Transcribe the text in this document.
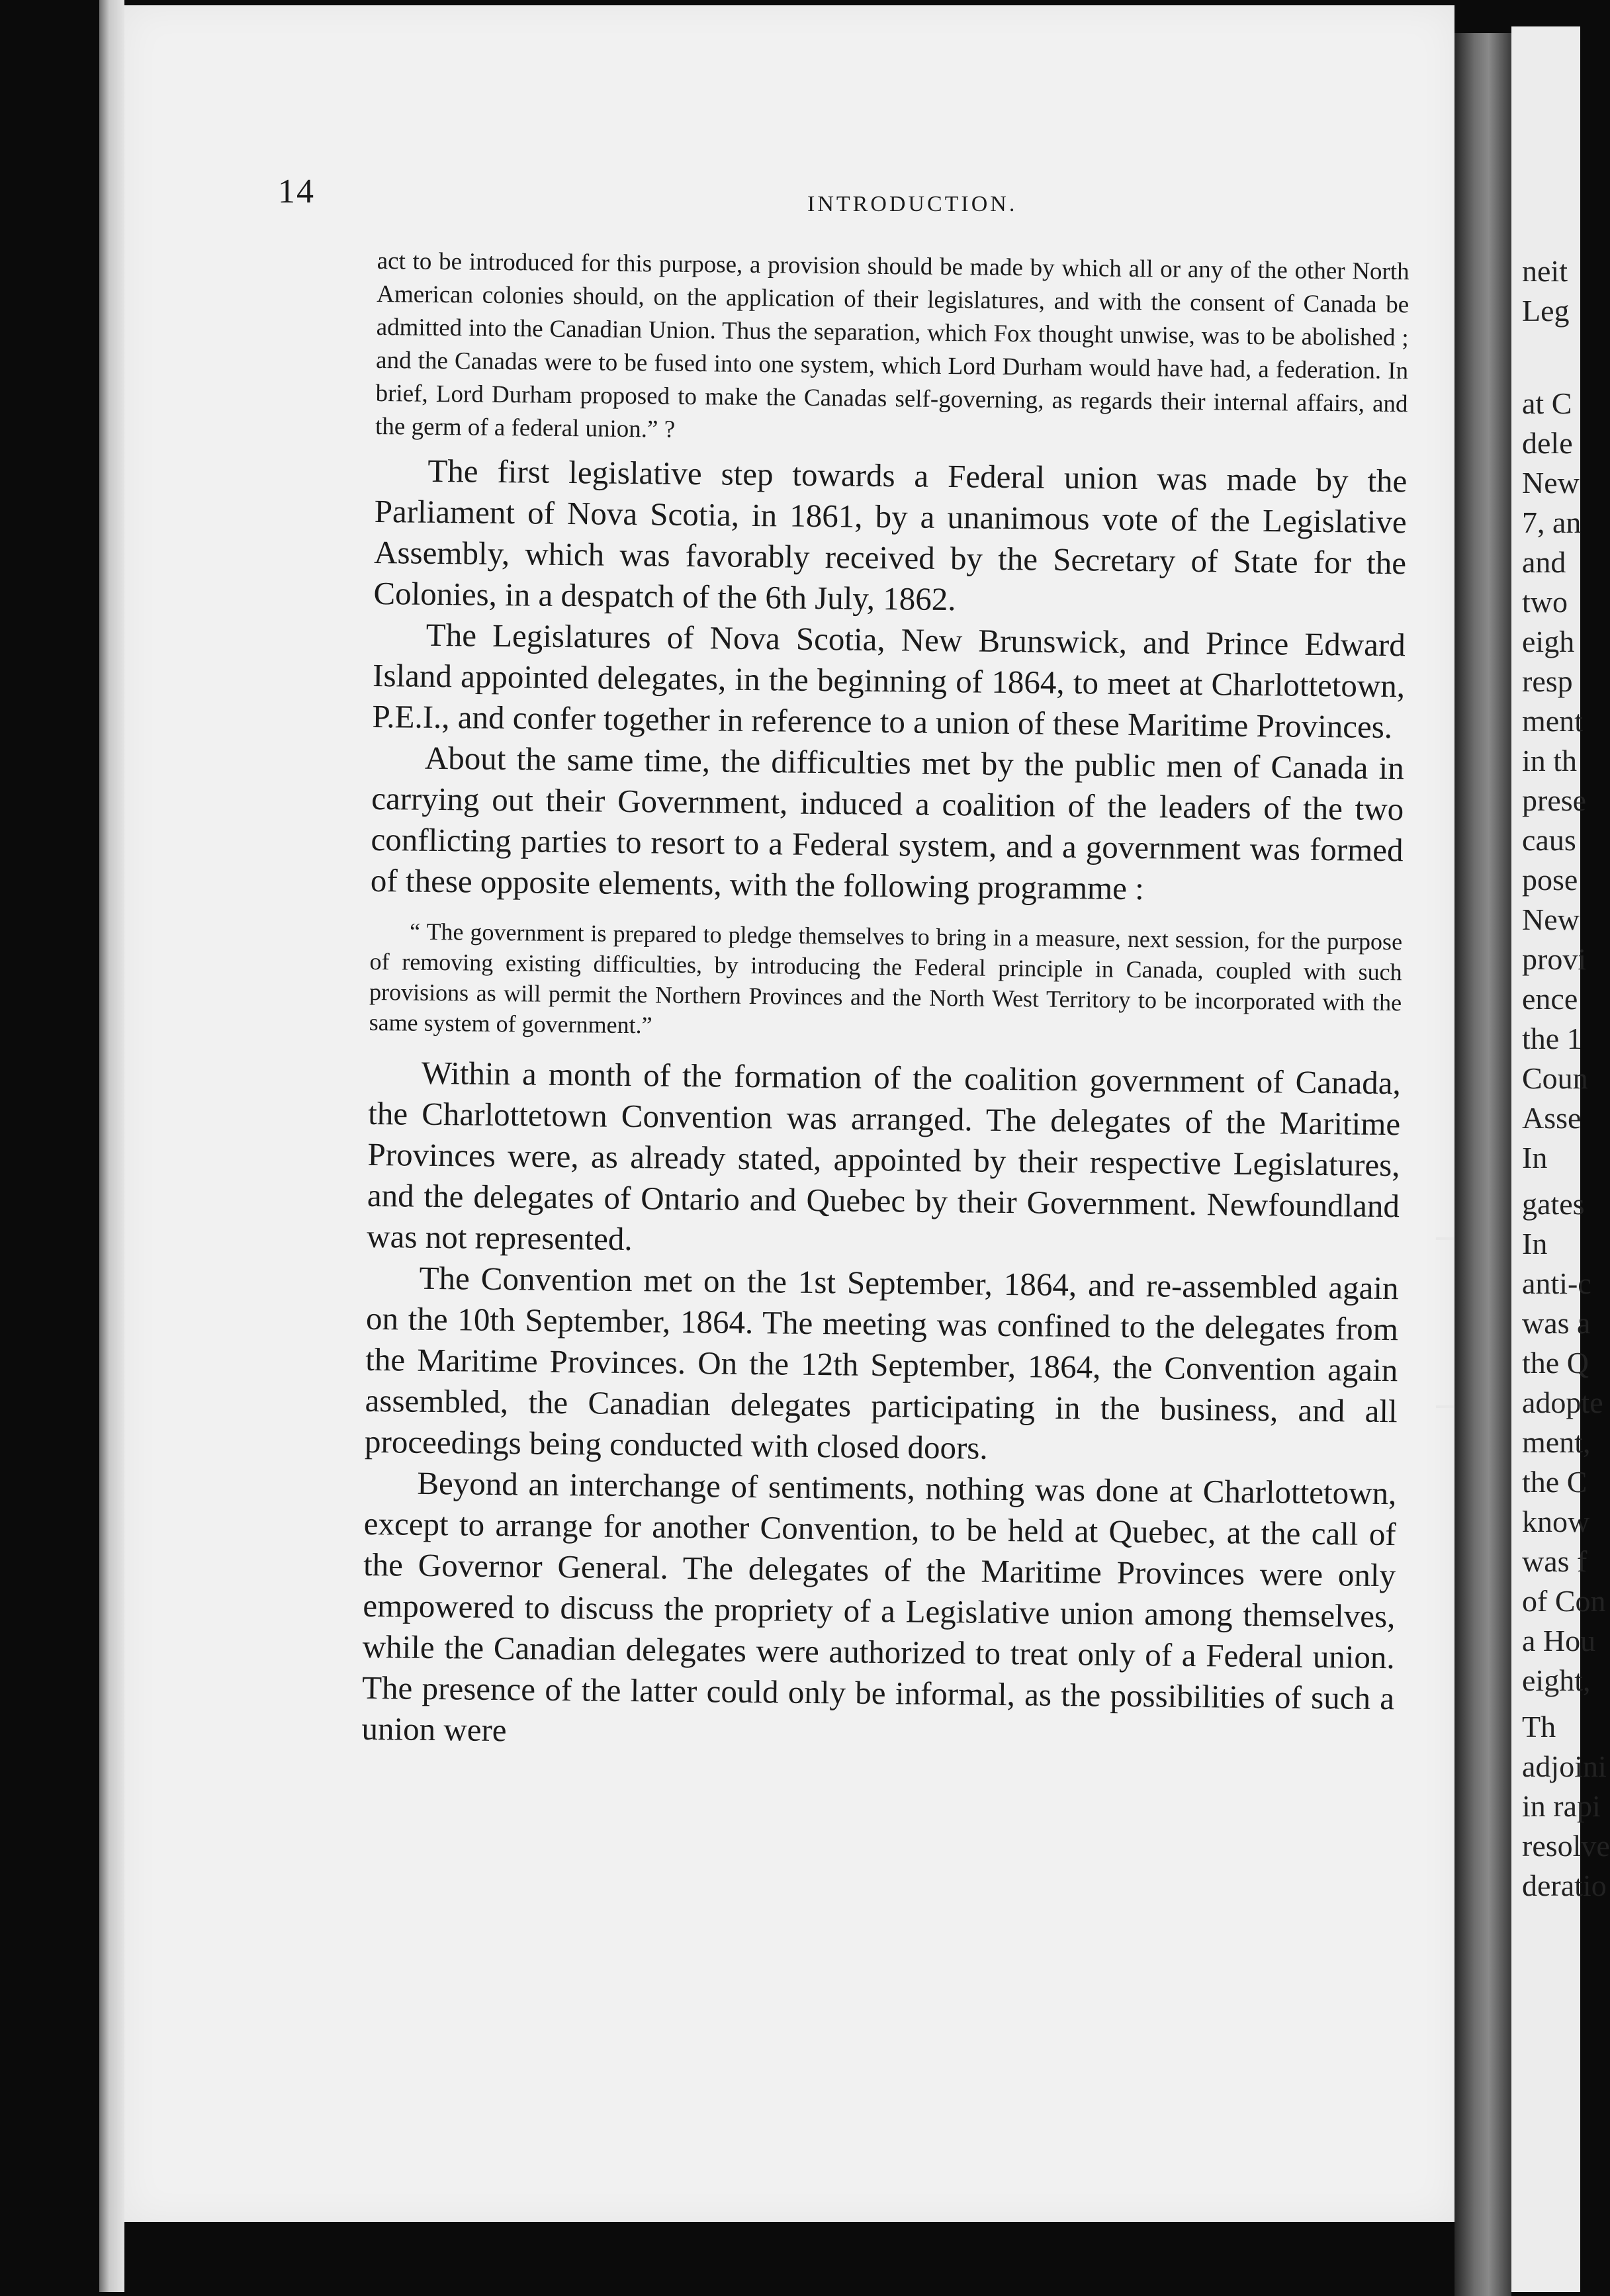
14	INTRODUCTION.

act to be introduced for this purpose, a provision should be made by which all or any of the other North American colonies should, on the application of their legislatures, and with the consent of Canada be admitted into the Canadian Union. Thus the separation, which Fox thought unwise, was to be abolished ; and the Canadas were to be fused into one system, which Lord Durham would have had, a federation. In brief, Lord Durham proposed to make the Canadas self-governing, as regards their internal affairs, and the germ of a federal union.” ?

The first legislative step towards a Federal union was made by the Parliament of Nova Scotia, in 1861, by a unanimous vote of the Legislative Assembly, which was favorably received by the Secretary of State for the Colonies, in a despatch of the 6th July, 1862.

The Legislatures of Nova Scotia, New Brunswick, and Prince Edward Island appointed delegates, in the beginning of 1864, to meet at Charlottetown, P.E.I., and confer together in reference to a union of these Maritime Provinces.

About the same time, the difficulties met by the public men of Canada in carrying out their Government, induced a coalition of the leaders of the two conflicting parties to resort to a Federal system, and a government was formed of these opposite elements, with the following programme :

“ The government is prepared to pledge themselves to bring in a measure, next session, for the purpose of removing existing difficulties, by introducing the Federal principle in Canada, coupled with such provisions as will permit the Northern Provinces and the North West Territory to be incorporated with the same system of government.”

Within a month of the formation of the coalition government of Canada, the Charlottetown Convention was arranged. The delegates of the Maritime Provinces were, as already stated, appointed by their respective Legislatures, and the delegates of Ontario and Quebec by their Government. Newfoundland was not represented.

The Convention met on the 1st September, 1864, and re-assembled again on the 10th September, 1864. The meeting was confined to the delegates from the Maritime Provinces. On the 12th September, 1864, the Convention again assembled, the Canadian delegates participating in the business, and all proceedings being conducted with closed doors.

Beyond an interchange of sentiments, nothing was done at Charlottetown, except to arrange for another Convention, to be held at Quebec, at the call of the Governor General. The delegates of the Maritime Provinces were only empowered to discuss the propriety of a Legislative union among themselves, while the Canadian delegates were authorized to treat only of a Federal union. The presence of the latter could only be informal, as the possibilities of such a union were

neit
Leg
at C
dele
New
7, an
and
two
eigh
resp
ment
in th
prese
caus
pose
New
provi
ence
the 1
Coun
Asse
In
gates
In
anti-c
was a
the Q
adopte
ment,
the C
know
was f
of Con
a Hou
eight,
Th
adjoini
in rapi
resolve
deratio
